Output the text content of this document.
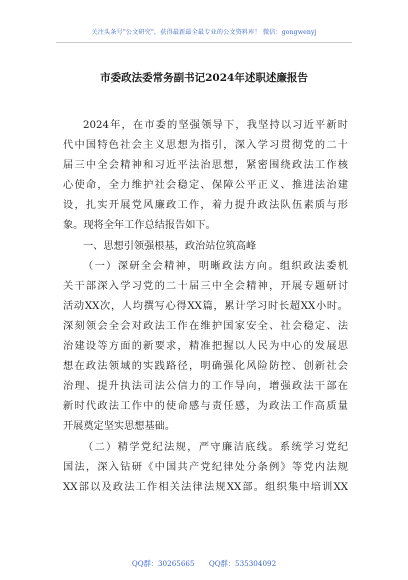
关注头条号"公文研究"，获得最新最全最专业的公文资料库！ 微信：gongwenyj
市委政法委常务副书记2024年述职述廉报告
2024年，在市委的坚强领导下，我坚持以习近平新时
代中国特色社会主义思想为指引，深入学习贯彻党的二十
届三中全会精神和习近平法治思想，紧密围绕政法工作核
心使命，全力维护社会稳定、保障公平正义、推进法治建
设，扎实开展党风廉政工作，着力提升政法队伍素质与形
象。现将全年工作总结报告如下。
一、思想引领强根基，政治站位筑高峰
（一）深研全会精神，明晰政法方向。组织政法委机
关干部深入学习党的二十届三中全会精神，开展专题研讨
活动XX次，人均撰写心得XX篇，累计学习时长超XX小时。
深刻领会全会对政法工作在维护国家安全、社会稳定、法
治建设等方面的新要求，精准把握以人民为中心的发展思
想在政法领域的实践路径，明确强化风险防控、创新社会
治理、提升执法司法公信力的工作导向，增强政法干部在
新时代政法工作中的使命感与责任感，为政法工作高质量
开展奠定坚实思想基础。
（二）精学党纪法规，严守廉洁底线。系统学习党纪
国法，深入钻研《中国共产党纪律处分条例》等党内法规
XX部以及政法工作相关法律法规XX部。组织集中培训XX
QQ群：30265665 QQ群：535304092
